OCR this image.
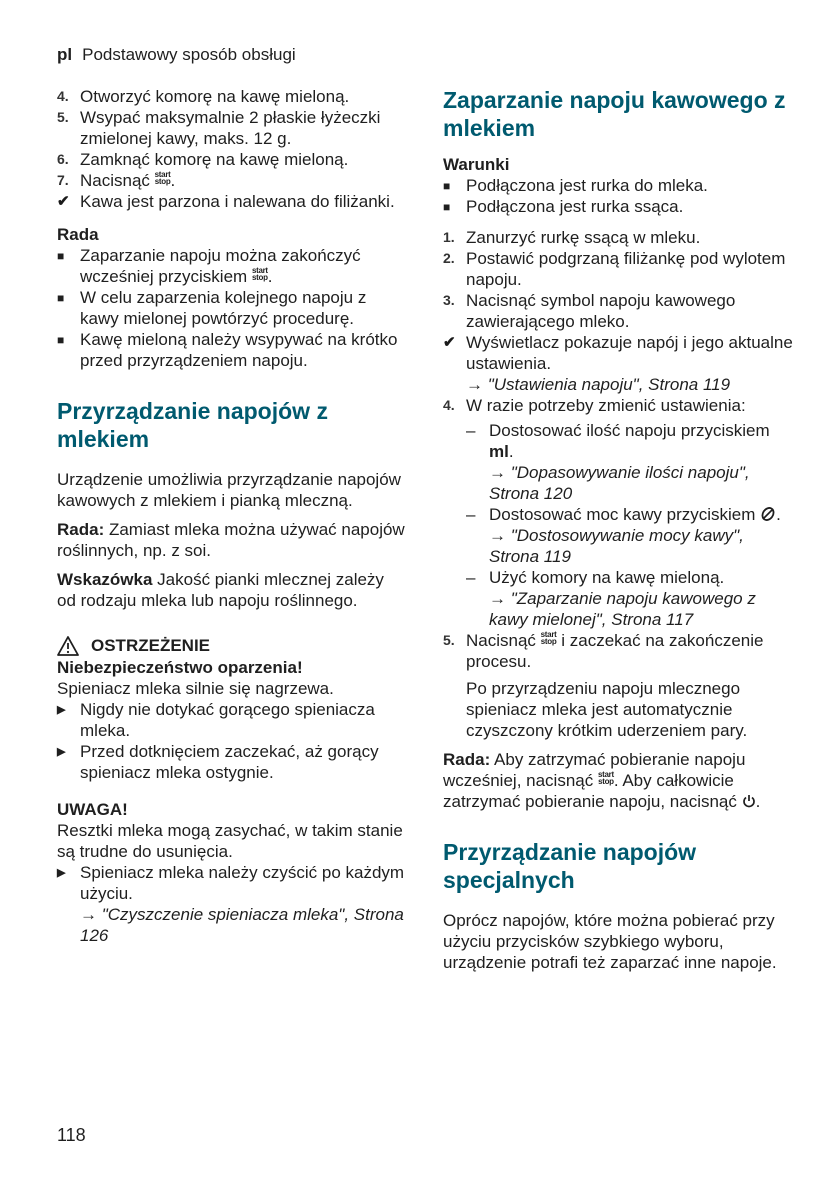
pl Podstawowy sposób obsługi
4. Otworzyć komorę na kawę mieloną.
5. Wsypać maksymalnie 2 płaskie łyżeczki zmielonej kawy, maks. 12 g.
6. Zamknąć komorę na kawę mieloną.
7. Nacisnąć start
stop.
✔ Kawa jest parzona i nalewana do filiżanki.
Rada
■ Zaparzanie napoju można zakończyć wcześniej przyciskiem start
stop.
■ W celu zaparzenia kolejnego napoju z kawy mielonej powtórzyć procedurę.
■ Kawę mieloną należy wsypywać na krótko przed przyrządzeniem napoju.
Przyrządzanie napojów z mlekiem

Urządzenie umożliwia przyrządzanie napojów kawowych z mlekiem i pianką mleczną.

Rada: Zamiast mleka można używać napojów roślinnych, np. z soi.

Wskazówka Jakość pianki mlecznej zależy od rodzaju mleka lub napoju roślinnego.

OSTRZEŻENIE
Niebezpieczeństwo oparzenia!

Spieniacz mleka silnie się nagrzewa.

▶ Nigdy nie dotykać gorącego spieniacza mleka.
▶ Przed dotknięciem zaczekać, aż gorący spieniacz mleka ostygnie.
UWAGA!

Resztki mleka mogą zasychać, w takim stanie są trudne do usunięcia.

▶ Spieniacz mleka należy czyścić po każdym użyciu.
→ "Czyszczenie spieniacza mleka", Strona 126
Zaparzanie napoju kawowego z mlekiem
Warunki
■ Podłączona jest rurka do mleka.
■ Podłączona jest rurka ssąca.
1. Zanurzyć rurkę ssącą w mleku.
2. Postawić podgrzaną filiżankę pod wylotem napoju.
3. Nacisnąć symbol napoju kawowego zawierającego mleko.
✔ Wyświetlacz pokazuje napój i jego aktualne ustawienia.
→ "Ustawienia napoju", Strona 119
4. W razie potrzeby zmienić ustawienia:
– Dostosować ilość napoju przyciskiem ml.
→ "Dopasowywanie ilości napoju", Strona 120
– Dostosować moc kawy przyciskiem .
→ "Dostosowywanie mocy kawy", Strona 119
– Użyć komory na kawę mieloną.
→ "Zaparzanie napoju kawowego z kawy mielonej", Strona 117
5. Nacisnąć start
stop i zaczekać na zakończenie procesu.

Po przyrządzeniu napoju mlecznego spieniacz mleka jest automatycznie czyszczony krótkim uderzeniem pary.

Rada: Aby zatrzymać pobieranie napoju wcześniej, nacisnąć start
stop. Aby całkowicie zatrzymać pobieranie napoju, nacisnąć .

Przyrządzanie napojów specjalnych

Oprócz napojów, które można pobierać przy użyciu przycisków szybkiego wyboru, urządzenie potrafi też zaparzać inne napoje.

118
